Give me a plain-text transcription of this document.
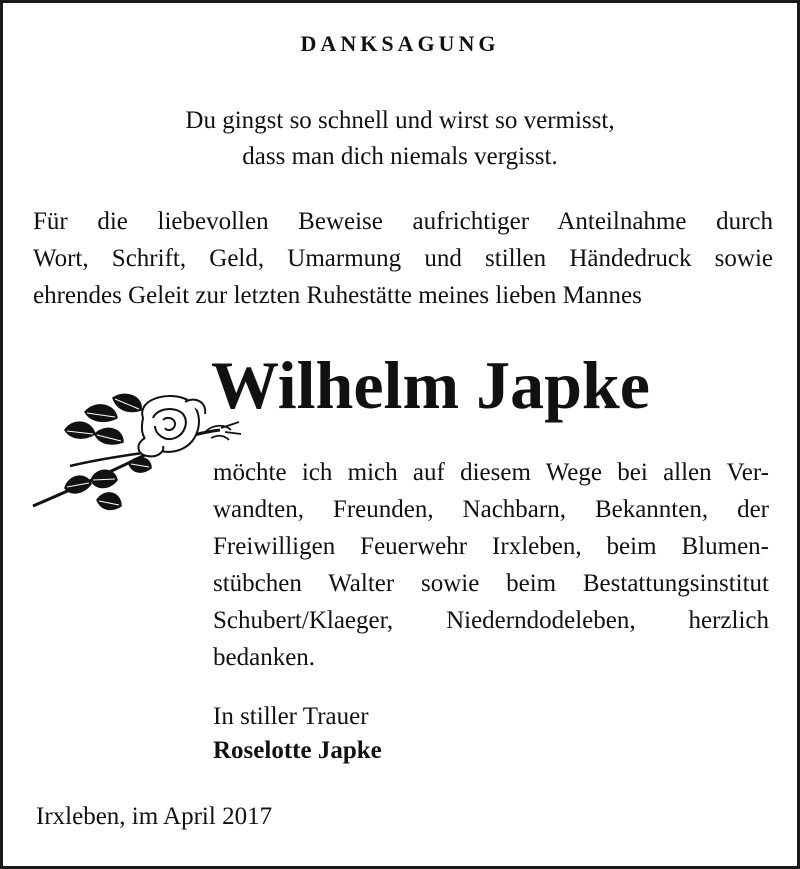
DANKSAGUNG
Du gingst so schnell und wirst so vermisst,
dass man dich niemals vergisst.
Für die liebevollen Beweise aufrichtiger Anteilnahme durch
Wort, Schrift, Geld, Umarmung und stillen Händedruck sowie
ehrendes Geleit zur letzten Ruhestätte meines lieben Mannes
Wilhelm Japke
möchte ich mich auf diesem Wege bei allen Ver-
wandten, Freunden, Nachbarn, Bekannten, der
Freiwilligen Feuerwehr Irxleben, beim Blumen-
stübchen Walter sowie beim Bestattungsinstitut
Schubert/Klaeger, Niederndodeleben, herzlich
bedanken.
In stiller Trauer
Roselotte Japke
Irxleben, im April 2017
